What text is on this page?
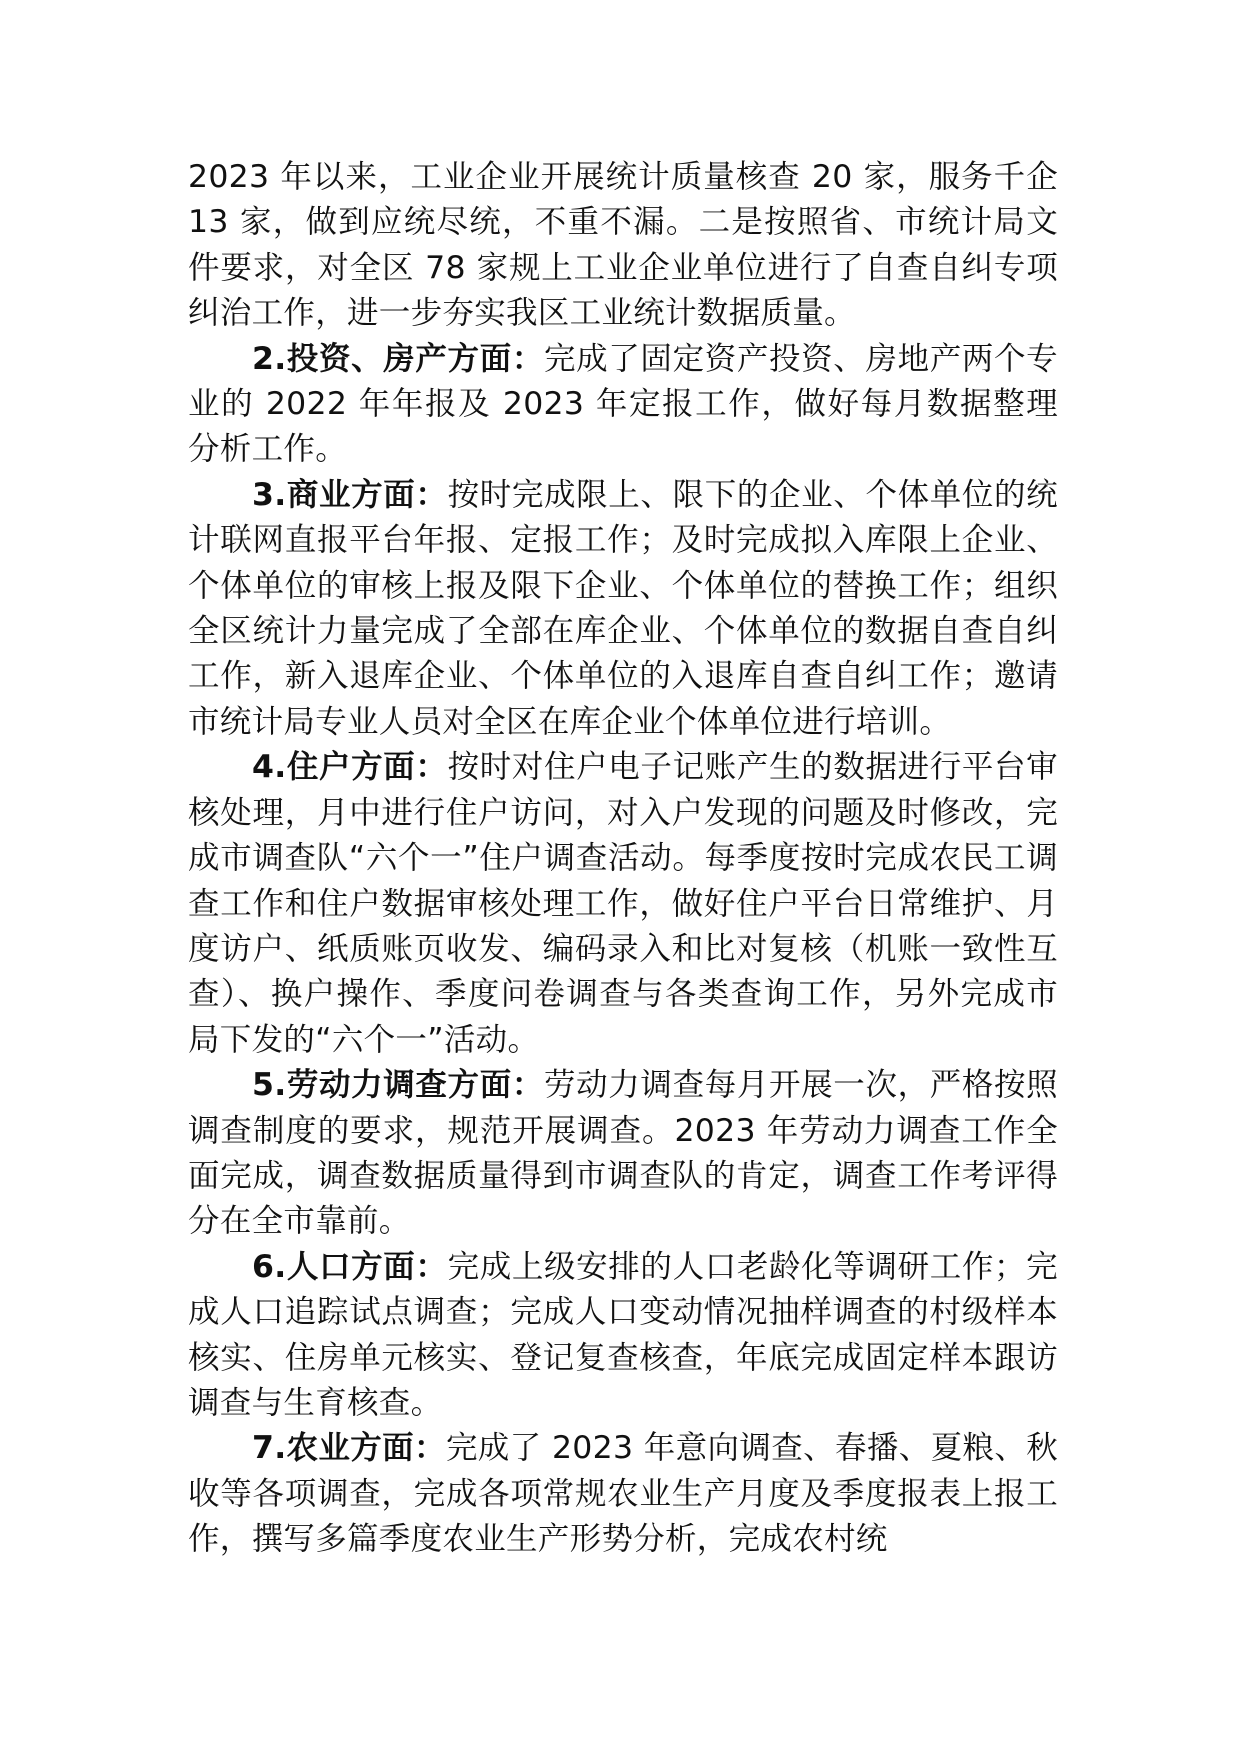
2023 年以来，工业企业开展统计质量核查 20 家，服务千企 13 家，做到应统尽统，不重不漏。二是按照省、市统计局文件要求，对全区 78 家规上工业企业单位进行了自查自纠专项纠治工作，进一步夯实我区工业统计数据质量。

2.投资、房产方面：完成了固定资产投资、房地产两个专业的 2022 年年报及 2023 年定报工作，做好每月数据整理分析工作。

3.商业方面：按时完成限上、限下的企业、个体单位的统计联网直报平台年报、定报工作；及时完成拟入库限上企业、个体单位的审核上报及限下企业、个体单位的替换工作；组织全区统计力量完成了全部在库企业、个体单位的数据自查自纠工作，新入退库企业、个体单位的入退库自查自纠工作；邀请市统计局专业人员对全区在库企业个体单位进行培训。

4.住户方面：按时对住户电子记账产生的数据进行平台审核处理，月中进行住户访问，对入户发现的问题及时修改，完成市调查队“六个一”住户调查活动。每季度按时完成农民工调查工作和住户数据审核处理工作，做好住户平台日常维护、月度访户、纸质账页收发、编码录入和比对复核（机账一致性互查）、换户操作、季度问卷调查与各类查询工作，另外完成市局下发的“六个一”活动。

5.劳动力调查方面：劳动力调查每月开展一次，严格按照调查制度的要求，规范开展调查。2023 年劳动力调查工作全面完成，调查数据质量得到市调查队的肯定，调查工作考评得分在全市靠前。

6.人口方面：完成上级安排的人口老龄化等调研工作；完成人口追踪试点调查；完成人口变动情况抽样调查的村级样本核实、住房单元核实、登记复查核查，年底完成固定样本跟访调查与生育核查。

7.农业方面：完成了 2023 年意向调查、春播、夏粮、秋收等各项调查，完成各项常规农业生产月度及季度报表上报工作，撰写多篇季度农业生产形势分析，完成农村统
